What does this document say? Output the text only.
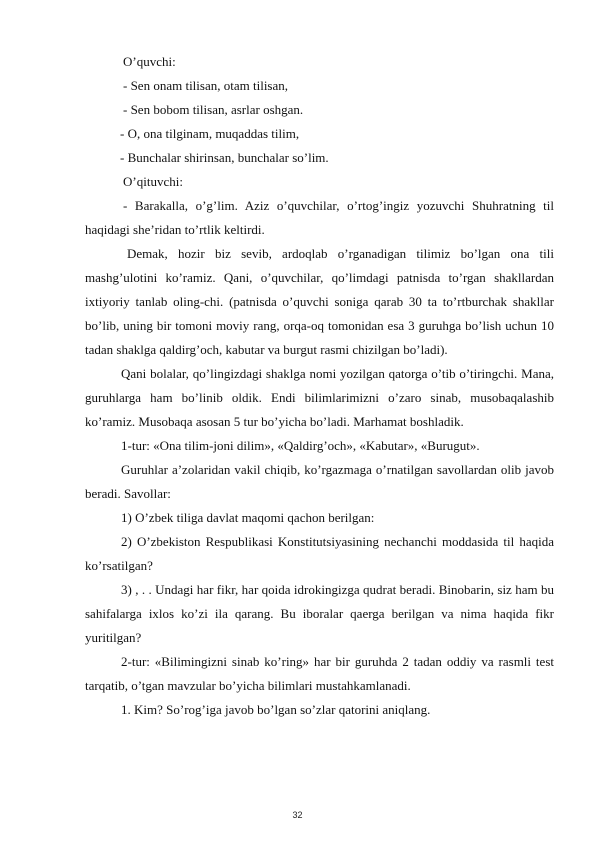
O’quvchi:

- Sen onam tilisan, otam tilisan,

- Sen bobom tilisan, asrlar oshgan.

- O, ona tilginam, muqaddas tilim,

- Bunchalar shirinsan, bunchalar so’lim.

O’qituvchi:

- Barakalla, o’g’lim. Aziz o’quvchilar, o’rtog’ingiz yozuvchi Shuhratning til haqidagi she’ridan to’rtlik keltirdi.

Demak, hozir biz sevib, ardoqlab o’rganadigan tilimiz bo’lgan ona tili mashg’ulotini ko’ramiz. Qani, o’quvchilar, qo’limdagi patnisda to’rgan shakllardan ixtiyoriy tanlab oling-chi. (patnisda o’quvchi soniga qarab 30 ta to’rtburchak shakllar bo’lib, uning bir tomoni moviy rang, orqa-oq tomonidan esa 3 guruhga bo’lish uchun 10 tadan shaklga qaldirg’och, kabutar va burgut rasmi chizilgan bo’ladi).

Qani bolalar, qo’lingizdagi shaklga nomi yozilgan qatorga o’tib o’tiringchi. Mana, guruhlarga ham bo’linib oldik. Endi bilimlarimizni o’zaro sinab, musobaqalashib ko’ramiz. Musobaqa asosan 5 tur bo’yicha bo’ladi. Marhamat boshladik.

1-tur: «Ona tilim-joni dilim», «Qaldirg’och», «Kabutar», «Burugut».

Guruhlar a’zolaridan vakil chiqib, ko’rgazmaga o’rnatilgan savollardan olib javob beradi. Savollar:

1) O’zbek tiliga davlat maqomi qachon berilgan:

2) O’zbekiston Respublikasi Konstitutsiyasining nechanchi moddasida til haqida ko’rsatilgan?

3) , . . Undagi har fikr, har qoida idrokingizga qudrat beradi. Binobarin, siz ham bu sahifalarga ixlos ko’zi ila qarang. Bu iboralar qaerga berilgan va nima haqida fikr yuritilgan?

2-tur: «Bilimingizni sinab ko’ring» har bir guruhda 2 tadan oddiy va rasmli test tarqatib, o’tgan mavzular bo’yicha bilimlari mustahkamlanadi.

1. Kim? So’rog’iga javob bo’lgan so’zlar qatorini aniqlang.

32
